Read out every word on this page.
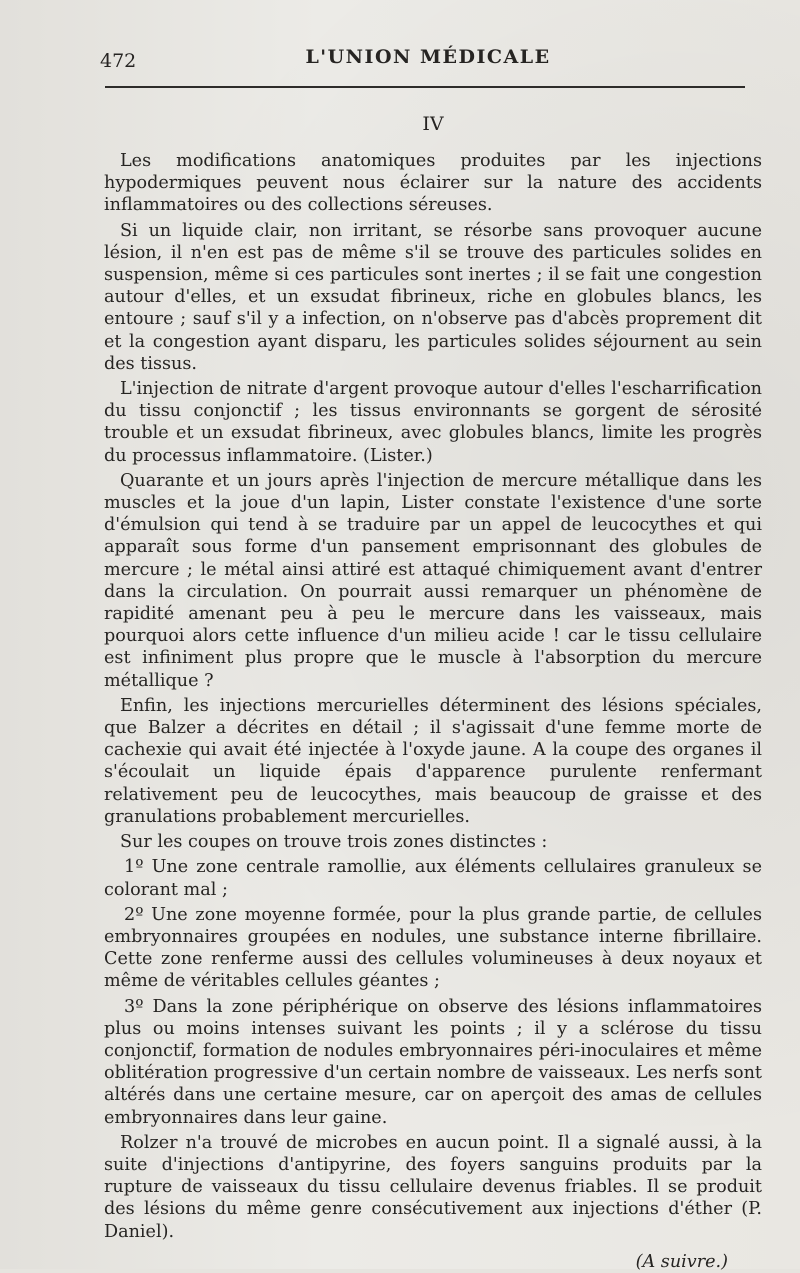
472	L'UNION MÉDICALE
IV

Les modifications anatomiques produites par les injections hypodermiques peuvent nous éclairer sur la nature des accidents inflammatoires ou des collections séreuses.

Si un liquide clair, non irritant, se résorbe sans provoquer aucune lésion, il n'en est pas de même s'il se trouve des particules solides en suspension, même si ces particules sont inertes ; il se fait une congestion autour d'elles, et un exsudat fibrineux, riche en globules blancs, les entoure ; sauf s'il y a infection, on n'observe pas d'abcès proprement dit et la congestion ayant disparu, les particules solides séjournent au sein des tissus.

L'injection de nitrate d'argent provoque autour d'elles l'escharrification du tissu conjonctif ; les tissus environnants se gorgent de sérosité trouble et un exsudat fibrineux, avec globules blancs, limite les progrès du processus inflammatoire. (Lister.)

Quarante et un jours après l'injection de mercure métallique dans les muscles et la joue d'un lapin, Lister constate l'existence d'une sorte d'émulsion qui tend à se traduire par un appel de leucocythes et qui apparaît sous forme d'un pansement emprisonnant des globules de mercure ; le métal ainsi attiré est attaqué chimiquement avant d'entrer dans la circulation. On pourrait aussi remarquer un phénomène de rapidité amenant peu à peu le mercure dans les vaisseaux, mais pourquoi alors cette influence d'un milieu acide ! car le tissu cellulaire est infiniment plus propre que le muscle à l'absorption du mercure métallique ?

Enfin, les injections mercurielles déterminent des lésions spéciales, que Balzer a décrites en détail ; il s'agissait d'une femme morte de cachexie qui avait été injectée à l'oxyde jaune. A la coupe des organes il s'écoulait un liquide épais d'apparence purulente renfermant relativement peu de leucocythes, mais beaucoup de graisse et des granulations probablement mercurielles.

Sur les coupes on trouve trois zones distinctes :

1º Une zone centrale ramollie, aux éléments cellulaires granuleux se colorant mal ;

2º Une zone moyenne formée, pour la plus grande partie, de cellules embryonnaires groupées en nodules, une substance interne fibrillaire. Cette zone renferme aussi des cellules volumineuses à deux noyaux et même de véritables cellules géantes ;

3º Dans la zone périphérique on observe des lésions inflammatoires plus ou moins intenses suivant les points ; il y a sclérose du tissu conjonctif, formation de nodules embryonnaires péri-inoculaires et même oblitération progressive d'un certain nombre de vaisseaux. Les nerfs sont altérés dans une certaine mesure, car on aperçoit des amas de cellules embryonnaires dans leur gaine.

Rolzer n'a trouvé de microbes en aucun point. Il a signalé aussi, à la suite d'injections d'antipyrine, des foyers sanguins produits par la rupture de vaisseaux du tissu cellulaire devenus friables. Il se produit des lésions du même genre consécutivement aux injections d'éther (P. Daniel).

(A suivre.)
